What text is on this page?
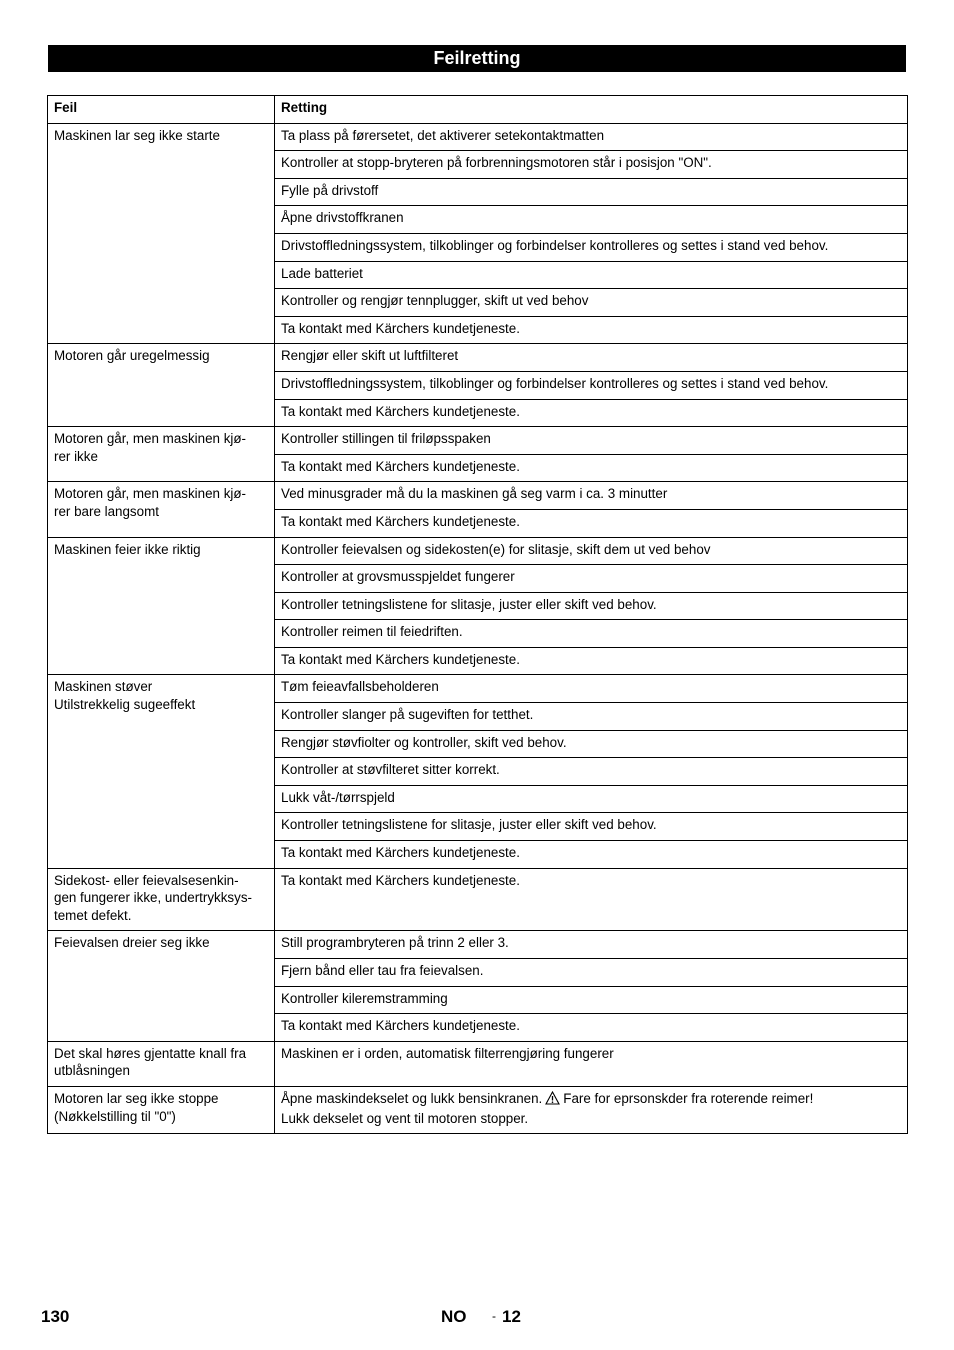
Feilretting
Feil	Retting
Maskinen lar seg ikke starte	Ta plass på førersetet, det aktiverer setekontaktmatten
	Kontroller at stopp-bryteren på forbrenningsmotoren står i posisjon "ON".
	Fylle på drivstoff
	Åpne drivstoffkranen
	Drivstoffledningssystem, tilkoblinger og forbindelser kontrolleres og settes i stand ved behov.
	Lade batteriet
	Kontroller og rengjør tennplugger, skift ut ved behov
	Ta kontakt med Kärchers kundetjeneste.
Motoren går uregelmessig	Rengjør eller skift ut luftfilteret
	Drivstoffledningssystem, tilkoblinger og forbindelser kontrolleres og settes i stand ved behov.
	Ta kontakt med Kärchers kundetjeneste.
Motoren går, men maskinen kjø-
rer ikke	Kontroller stillingen til friløpsspaken
	Ta kontakt med Kärchers kundetjeneste.
Motoren går, men maskinen kjø-
rer bare langsomt	Ved minusgrader må du la maskinen gå seg varm i ca. 3 minutter
	Ta kontakt med Kärchers kundetjeneste.
Maskinen feier ikke riktig	Kontroller feievalsen og sidekosten(e) for slitasje, skift dem ut ved behov
	Kontroller at grovsmusspjeldet fungerer
	Kontroller tetningslistene for slitasje, juster eller skift ved behov.
	Kontroller reimen til feiedriften.
	Ta kontakt med Kärchers kundetjeneste.
Maskinen støver
Utilstrekkelig sugeeffekt	Tøm feieavfallsbeholderen
	Kontroller slanger på sugeviften for tetthet.
	Rengjør støvfiolter og kontroller, skift ved behov.
	Kontroller at støvfilteret sitter korrekt.
	Lukk våt-/tørrspjeld
	Kontroller tetningslistene for slitasje, juster eller skift ved behov.
	Ta kontakt med Kärchers kundetjeneste.
Sidekost- eller feievalsesenkin-
gen fungerer ikke, undertrykksys-
temet defekt.	Ta kontakt med Kärchers kundetjeneste.
Feievalsen dreier seg ikke	Still programbryteren på trinn 2 eller 3.
	Fjern bånd eller tau fra feievalsen.
	Kontroller kileremstramming
	Ta kontakt med Kärchers kundetjeneste.
Det skal høres gjentatte knall fra
utblåsningen	Maskinen er i orden, automatisk filterrengjøring fungerer
Motoren lar seg ikke stoppe
(Nøkkelstilling til "0")	Åpne maskindekselet og lukk bensinkranen. Fare for eprsonskder fra roterende reimer!
Lukk dekselet og vent til motoren stopper.
130	NO - 12
